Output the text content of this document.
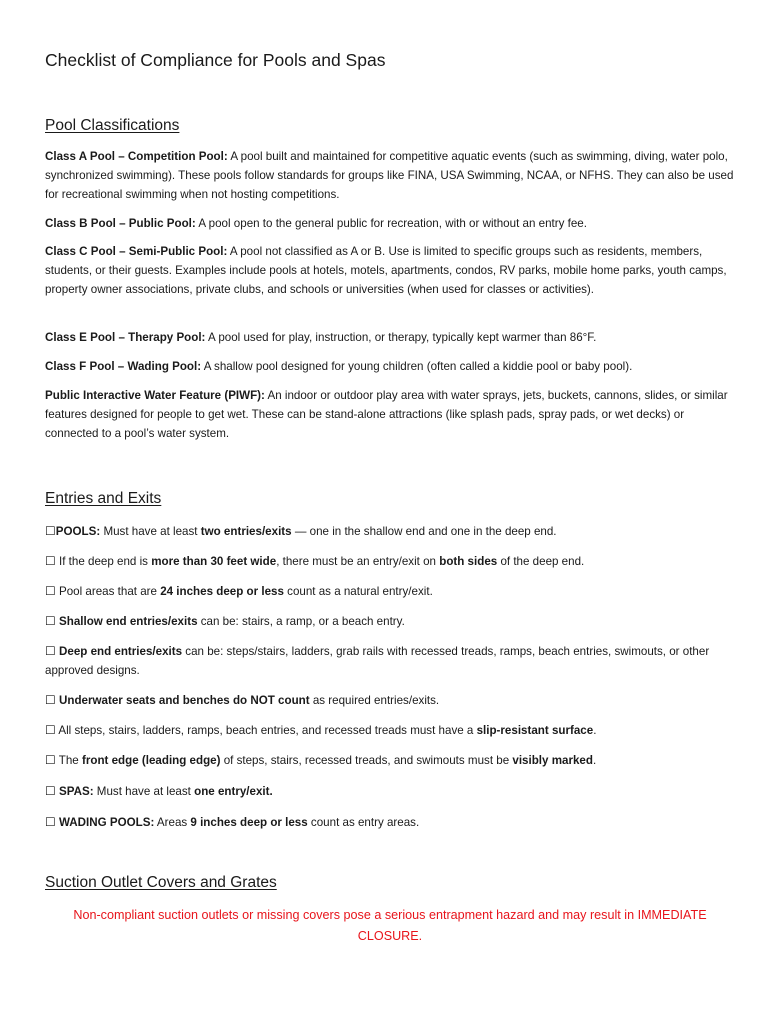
Checklist of Compliance for Pools and Spas
Pool Classifications

Class A Pool – Competition Pool: A pool built and maintained for competitive aquatic events (such as swimming, diving, water polo, synchronized swimming). These pools follow standards for groups like FINA, USA Swimming, NCAA, or NFHS. They can also be used for recreational swimming when not hosting competitions.

Class B Pool – Public Pool: A pool open to the general public for recreation, with or without an entry fee.

Class C Pool – Semi-Public Pool: A pool not classified as A or B. Use is limited to specific groups such as residents, members, students, or their guests. Examples include pools at hotels, motels, apartments, condos, RV parks, mobile home parks, youth camps, property owner associations, private clubs, and schools or universities (when used for classes or activities).

Class E Pool – Therapy Pool: A pool used for play, instruction, or therapy, typically kept warmer than 86°F.

Class F Pool – Wading Pool: A shallow pool designed for young children (often called a kiddie pool or baby pool).

Public Interactive Water Feature (PIWF): An indoor or outdoor play area with water sprays, jets, buckets, cannons, slides, or similar features designed for people to get wet. These can be stand-alone attractions (like splash pads, spray pads, or wet decks) or connected to a pool’s water system.

Entries and Exits

☐POOLS: Must have at least two entries/exits — one in the shallow end and one in the deep end.

☐ If the deep end is more than 30 feet wide, there must be an entry/exit on both sides of the deep end.

☐ Pool areas that are 24 inches deep or less count as a natural entry/exit.

☐ Shallow end entries/exits can be: stairs, a ramp, or a beach entry.

☐ Deep end entries/exits can be: steps/stairs, ladders, grab rails with recessed treads, ramps, beach entries, swimouts, or other approved designs.

☐ Underwater seats and benches do NOT count as required entries/exits.

☐ All steps, stairs, ladders, ramps, beach entries, and recessed treads must have a slip-resistant surface.

☐ The front edge (leading edge) of steps, stairs, recessed treads, and swimouts must be visibly marked.

☐ SPAS: Must have at least one entry/exit.

☐ WADING POOLS: Areas 9 inches deep or less count as entry areas.

Suction Outlet Covers and Grates

Non-compliant suction outlets or missing covers pose a serious entrapment hazard and may result in IMMEDIATE CLOSURE.
